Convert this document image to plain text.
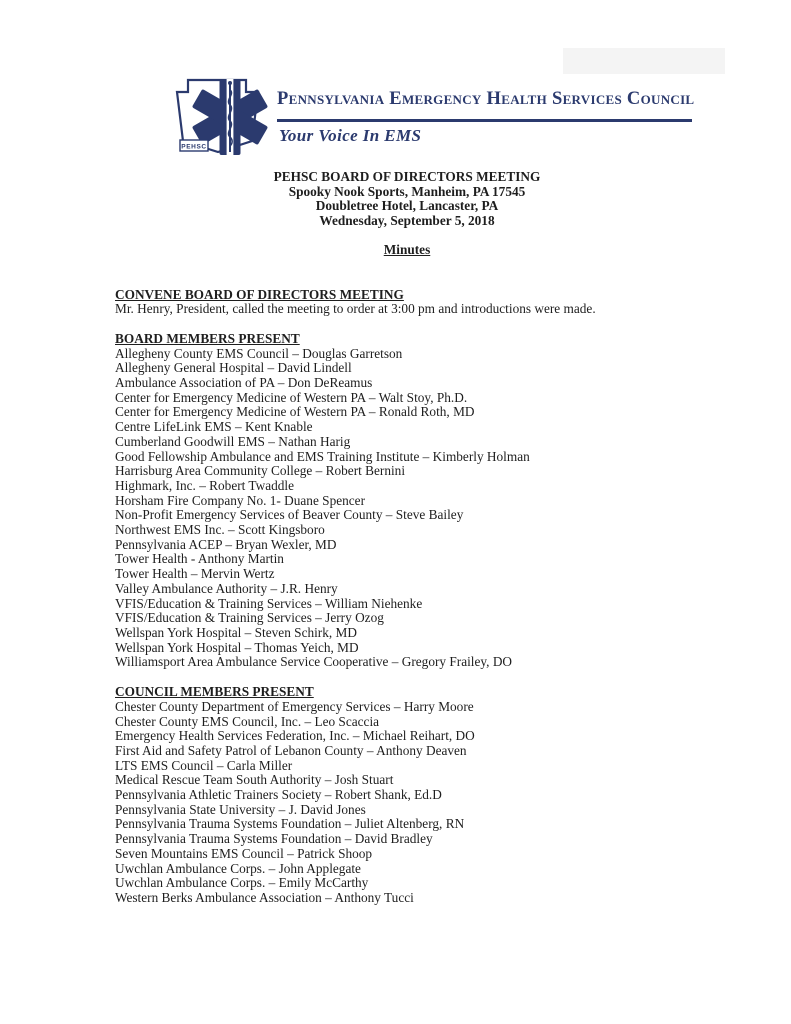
PEHSC
Pennsylvania Emergency Health Services Council
Your Voice In EMS
PEHSC BOARD OF DIRECTORS MEETING
Spooky Nook Sports, Manheim, PA 17545
Doubletree Hotel, Lancaster, PA
Wednesday, September 5, 2018
Minutes
CONVENE BOARD OF DIRECTORS MEETING

Mr. Henry, President, called the meeting to order at 3:00 pm and introductions were made.

BOARD MEMBERS PRESENT
Allegheny County EMS Council – Douglas Garretson
Allegheny General Hospital – David Lindell
Ambulance Association of PA – Don DeReamus
Center for Emergency Medicine of Western PA – Walt Stoy, Ph.D.
Center for Emergency Medicine of Western PA – Ronald Roth, MD
Centre LifeLink EMS – Kent Knable
Cumberland Goodwill EMS – Nathan Harig
Good Fellowship Ambulance and EMS Training Institute – Kimberly Holman
Harrisburg Area Community College – Robert Bernini
Highmark, Inc. – Robert Twaddle
Horsham Fire Company No. 1- Duane Spencer
Non-Profit Emergency Services of Beaver County – Steve Bailey
Northwest EMS Inc. – Scott Kingsboro
Pennsylvania ACEP – Bryan Wexler, MD
Tower Health - Anthony Martin
Tower Health – Mervin Wertz
Valley Ambulance Authority – J.R. Henry
VFIS/Education & Training Services – William Niehenke
VFIS/Education & Training Services – Jerry Ozog
Wellspan York Hospital – Steven Schirk, MD
Wellspan York Hospital – Thomas Yeich, MD
Williamsport Area Ambulance Service Cooperative – Gregory Frailey, DO
COUNCIL MEMBERS PRESENT
Chester County Department of Emergency Services – Harry Moore
Chester County EMS Council, Inc. – Leo Scaccia
Emergency Health Services Federation, Inc. – Michael Reihart, DO
First Aid and Safety Patrol of Lebanon County – Anthony Deaven
LTS EMS Council – Carla Miller
Medical Rescue Team South Authority – Josh Stuart
Pennsylvania Athletic Trainers Society – Robert Shank, Ed.D
Pennsylvania State University – J. David Jones
Pennsylvania Trauma Systems Foundation – Juliet Altenberg, RN
Pennsylvania Trauma Systems Foundation – David Bradley
Seven Mountains EMS Council – Patrick Shoop
Uwchlan Ambulance Corps. – John Applegate
Uwchlan Ambulance Corps. – Emily McCarthy
Western Berks Ambulance Association – Anthony Tucci
